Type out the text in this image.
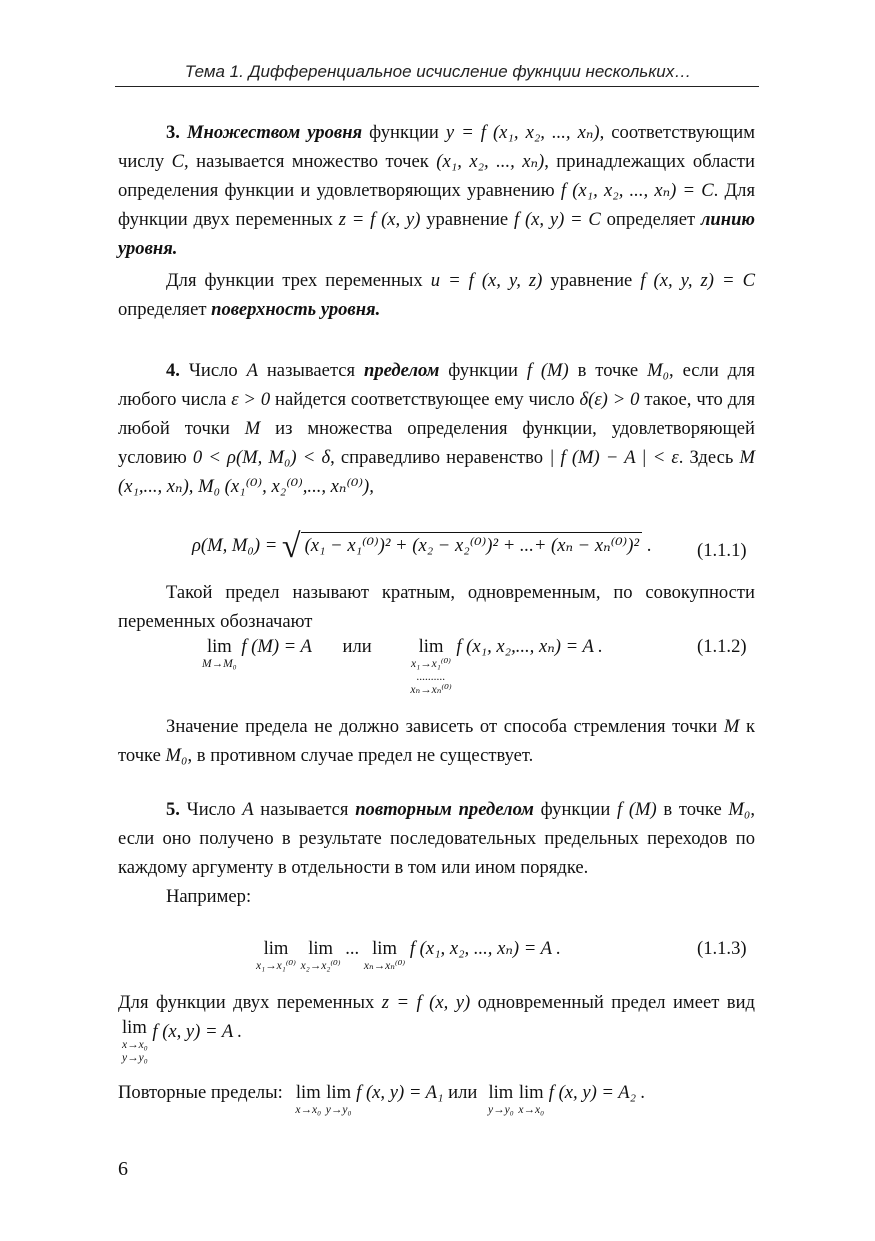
Тема 1. Дифференциальное исчисление фукнции нескольких…

3. Множеством уровня функции y = f (x₁, x₂, ..., xₙ), соответствующим числу C, называется множество точек (x₁, x₂, ..., xₙ), принадлежащих области определения функции и удовлетворяющих уравнению f (x₁, x₂, ..., xₙ) = C. Для функции двух переменных z = f (x, y) уравнение f (x, y) = C определяет линию уровня.

Для функции трех переменных u = f (x, y, z) уравнение f (x, y, z) = C определяет поверхность уровня.

4. Число A называется пределом функции f (M) в точке M₀, если для любого числа ε > 0 найдется соответствующее ему число δ(ε) > 0 такое, что для любой точки M из множества определения функции, удовлетворяющей условию 0 < ρ(M, M₀) < δ, справедливо неравенство | f (M) − A | < ε. Здесь M (x₁,..., xₙ), M₀ (x₁⁽⁰⁾, x₂⁽⁰⁾,..., xₙ⁽⁰⁾),

ρ(M, M₀) = √ (x₁ − x₁⁽⁰⁾)² + (x₂ − x₂⁽⁰⁾)² + ...+ (xₙ − xₙ⁽⁰⁾)² . (1.1.1)

Такой предел называют кратным, одновременным, по совокупности переменных обозначают

lim
M→M₀
f (M) = A или	lim
x₁→x₁⁽⁰⁾
..........
xₙ→xₙ⁽⁰⁾
f (x₁, x₂,..., xₙ) = A .	(1.1.2)

Значение предела не должно зависеть от способа стремления точки M к точке M₀, в противном случае предел не существует.

5. Число A называется повторным пределом функции f (M) в точке M₀, если оно получено в результате последовательных предельных переходов по каждому аргументу в отдельности в том или ином порядке.

Например:

lim
x₁→x₁⁽⁰⁾
lim
x₂→x₂⁽⁰⁾
... lim
xₙ→xₙ⁽⁰⁾
f (x₁, x₂, ..., xₙ) = A .	(1.1.3)

Для функции двух переменных z = f (x, y) одновременный предел имеет вид lim
x→x₀
y→y₀
f (x, y) = A .

Повторные пределы: lim
x→x₀
lim
y→y₀
f (x, y) = A₁ или lim
y→y₀
lim
x→x₀
f (x, y) = A₂ .
6
